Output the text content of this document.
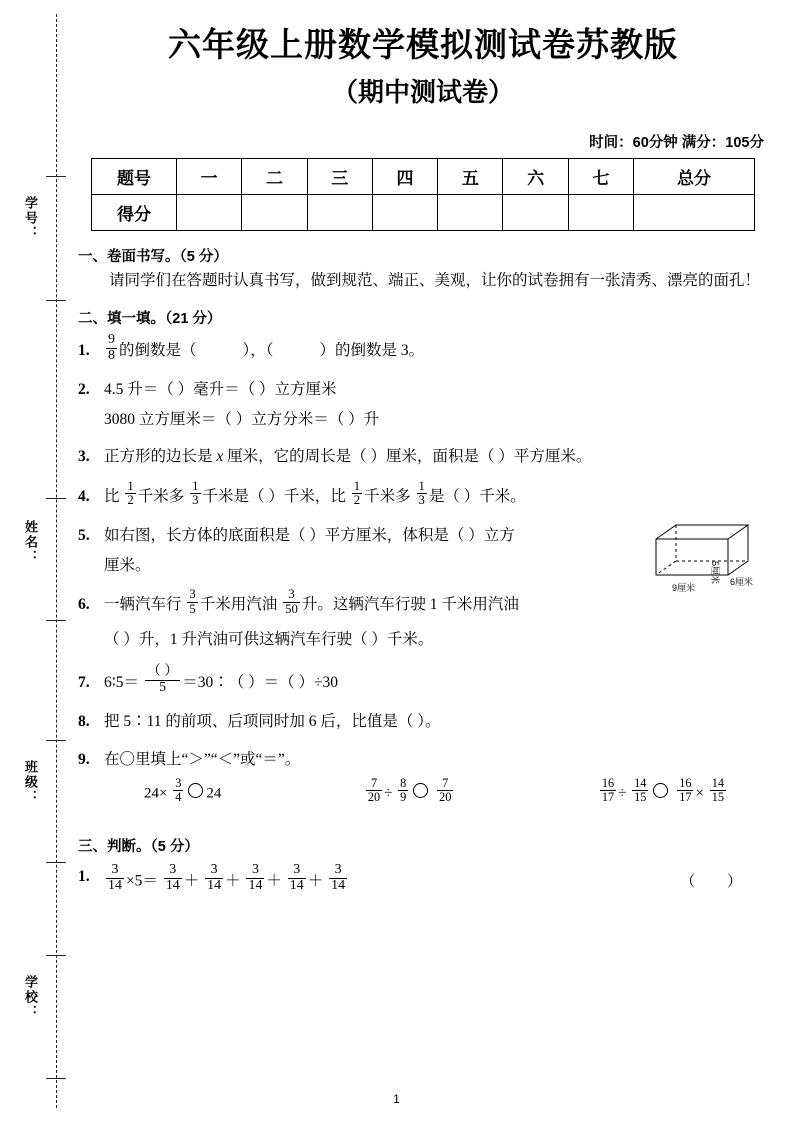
学号：
姓名：
班级：
学校：
六年级上册数学模拟测试卷苏教版
（期中测试卷）
时间：60分钟 满分：105分
题号	一	二	三	四	五	六	七	总分
得分								
一、卷面书写。（5 分）

请同学们在答题时认真书写，做到规范、端正、美观，让你的试卷拥有一张清秀、漂亮的面孔！

二、填一填。（21 分）
1. $\frac{9}{8}$ 的倒数是（	），（	）的倒数是 3。
2. 4.5 升＝（ ）毫升＝（ ）立方厘米
3080 立方厘米＝（ ）立方分米＝（ ）升
3. 正方形的边长是 x 厘米，它的周长是（ ）厘米，面积是（ ）平方厘米。
4. 比 $\frac{1}{2}$ 千米多 $\frac{1}{3}$ 千米是（ ）千米，比 $\frac{1}{2}$ 千米多 $\frac{1}{3}$ 是（ ）千米。
5. 如右图，长方体的底面积是（ ）平方厘米，体积是（ ）立方
厘米。
9厘米
6厘米
5厘米
6. 一辆汽车行 $\frac{3}{5}$ 千米用汽油 $\frac{3}{50}$ 升。这辆汽车行驶 1 千米用汽油
（ ）升，1 升汽油可供这辆汽车行驶（ ）千米。
7. 6∶5＝ $\frac{( )}{5}$ ＝30∶（ ）＝（ ）÷30
8. 把 5∶11 的前项、后项同时加 6 后，比值是（ ）。
9. 在〇里填上“＞”“＜”或“＝”。
$24\times \frac{3}{4} 24$	$\frac{7}{20} \div \frac{8}{9}$
$\frac{7}{20}$	$\frac{16}{17} \div \frac{14}{15}$
$\frac{16}{17} \times \frac{14}{15}$
三、判断。（5 分）
1. $\frac{3}{14} \times 5= \frac{3}{14} + \frac{3}{14} + \frac{3}{14} + \frac{3}{14} + \frac{3}{14}$	（ ）
1
